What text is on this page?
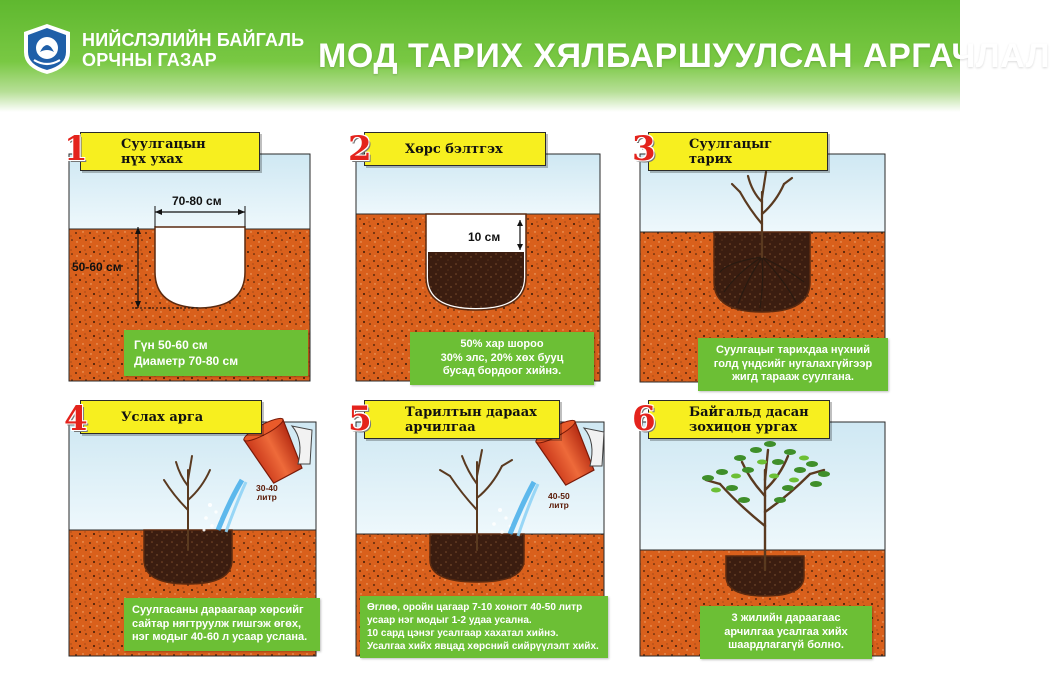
НИЙСЛЭЛИЙН БАЙГАЛЬ
ОРЧНЫ ГАЗАР	МОД ТАРИХ ХЯЛБАРШУУЛСАН АРГАЧЛАЛ
Суулгацын
нүх ухах
1
70-80 см
50-60 см
Гүн 50-60 см
Диаметр 70-80 см
Хөрс бэлтгэх
2
10 см
50% хар шороо
30% элс, 20% хөх бууц
бусад бордоог хийнэ.
Суулгацыг
тарих
3
Суулгацыг тарихдаа нүхний
голд үндсийг нугалахгүйгээр
жигд тарааж суулгана.
Услах арга
4
30-40
литр
Суулгасаны дараагаар хөрсийг
сайтар нягтруулж гишгэж өгөх,
нэг модыг 40-60 л усаар услана.
Тарилтын дараах
арчилгаа
5
40-50
литр
Өглөө, оройн цагаар 7-10 хоногт 40-50 литр
усаар нэг модыг 1-2 удаа усална.
10 сард цэнэг усалгаар хахатал хийнэ.
Усалгаа хийх явцад хөрсний сийрүүлэлт хийх.
Байгальд дасан
зохицон ургах
6
3 жилийн дараагаас
арчилгаа усалгаа хийх
шаардлагагүй болно.
